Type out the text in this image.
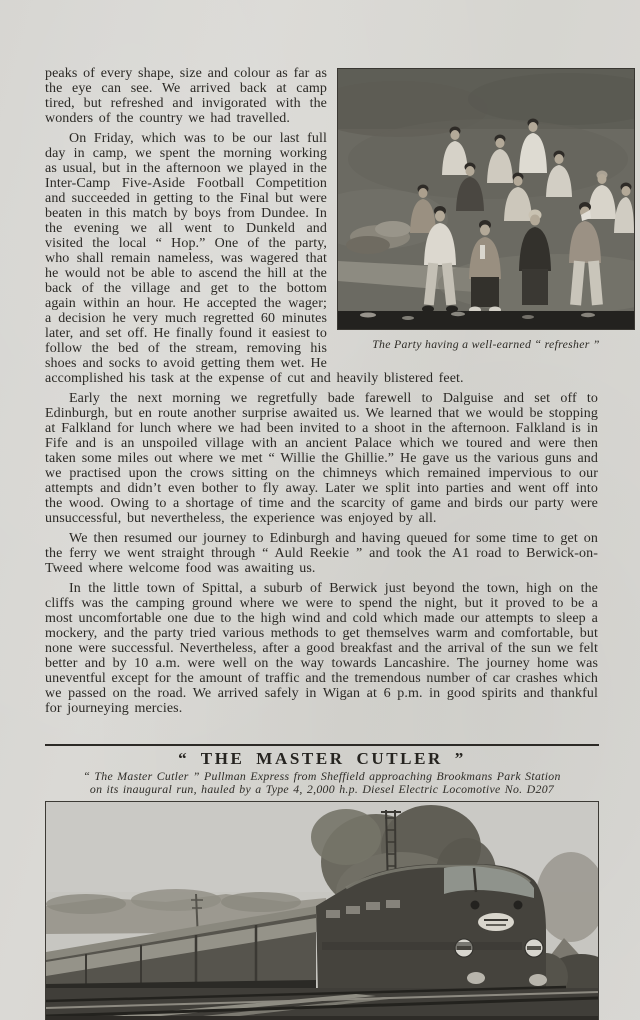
The Party having a well-earned “ refresher ”

peaks of every shape, size and colour as far as the eye can see. We arrived back at camp tired, but refreshed and invigorated with the wonders of the country we had travelled.

On Friday, which was to be our last full day in camp, we spent the morning working as usual, but in the afternoon we played in the Inter-Camp Five-Aside Football Competition and succeeded in getting to the Final but were beaten in this match by boys from Dundee. In the evening we all went to Dunkeld and visited the local “ Hop.” One of the party, who shall remain nameless, was wagered that he would not be able to ascend the hill at the back of the village and get to the bottom again within an hour. He accepted the wager; a decision he very much regretted 60 minutes later, and set off. He finally found it easiest to follow the bed of the stream, removing his shoes and socks to avoid getting them wet. He accomplished his task at the expense of cut and heavily blistered feet.

Early the next morning we regretfully bade farewell to Dalguise and set off to Edinburgh, but en route another surprise awaited us. We learned that we would be stopping at Falkland for lunch where we had been invited to a shoot in the afternoon. Falkland is in Fife and is an unspoiled village with an ancient Palace which we toured and were then taken some miles out where we met “ Willie the Ghillie.” He gave us the various guns and we practised upon the crows sitting on the chimneys which remained impervious to our attempts and didn’t even bother to fly away. Later we split into parties and went off into the wood. Owing to a shortage of time and the scarcity of game and birds our party were unsuccessful, but nevertheless, the experience was enjoyed by all.

We then resumed our journey to Edinburgh and having queued for some time to get on the ferry we went straight through “ Auld Reekie ” and took the A1 road to Berwick-on-Tweed where welcome food was awaiting us.

In the little town of Spittal, a suburb of Berwick just beyond the town, high on the cliffs was the camping ground where we were to spend the night, but it proved to be a most uncomfortable one due to the high wind and cold which made our attempts to sleep a mockery, and the party tried various methods to get themselves warm and comfortable, but none were successful. Nevertheless, after a good breakfast and the arrival of the sun we felt better and by 10 a.m. were well on the way towards Lancashire. The journey home was uneventful except for the amount of traffic and the tremendous number of car crashes which we passed on the road. We arrived safely in Wigan at 6 p.m. in good spirits and thankful for journeying mercies.

“ THE MASTER CUTLER ”

“ The Master Cutler ” Pullman Express from Sheffield approaching Brookmans Park Station

on its inaugural run, hauled by a Type 4, 2,000 h.p. Diesel Electric Locomotive No. D207
